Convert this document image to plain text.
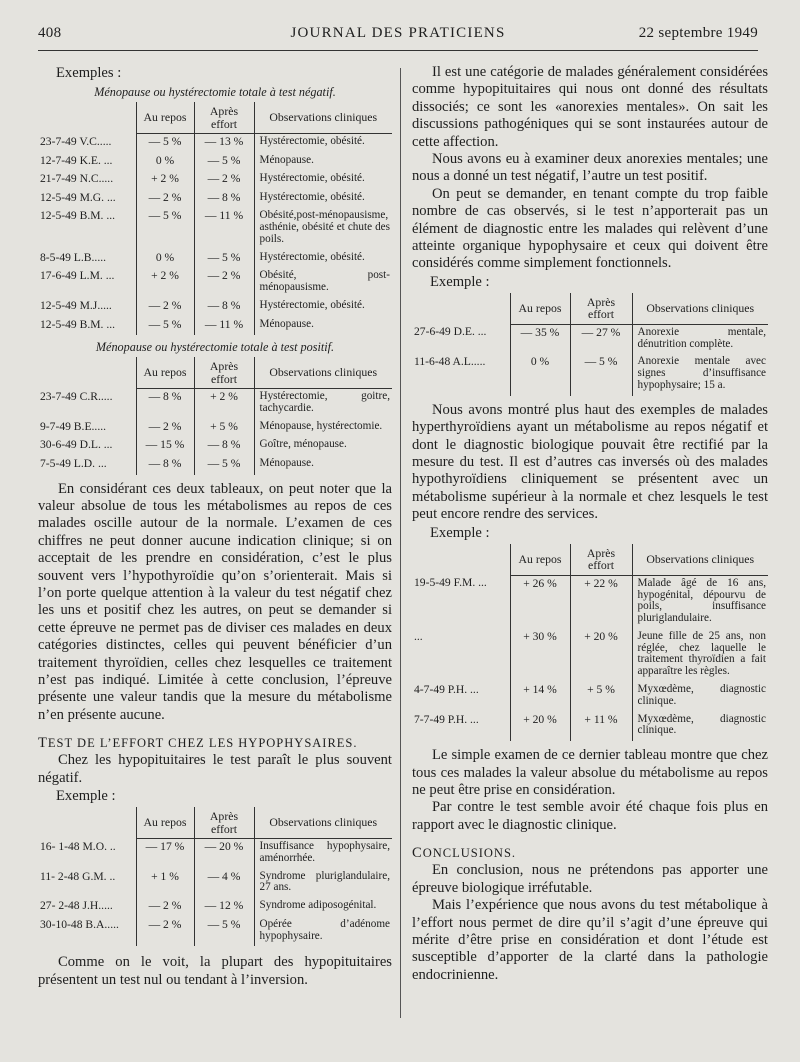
JOURNAL DES PRATICIENS
408	22 septembre 1949
Exemples :
Ménopause ou hystérectomie totale à test négatif.
	Au repos	Après effort	Observations cliniques
23-7-49 V.C.....	— 5 %	— 13 %	Hystérectomie, obésité.
12-7-49 K.E. ...	0 %	— 5 %	Ménopause.
21-7-49 N.C.....	+ 2 %	— 2 %	Hystérectomie, obésité.
12-5-49 M.G. ...	— 2 %	— 8 %	Hystérectomie, obésité.
12-5-49 B.M. ...	— 5 %	— 11 %	Obésité,post-ménopausisme, asthénie, obésité et chute des poils.
8-5-49 L.B.....	0 %	— 5 %	Hystérectomie, obésité.
17-6-49 L.M. ...	+ 2 %	— 2 %	Obésité, post-ménopausisme.
12-5-49 M.J.....	— 2 %	— 8 %	Hystérectomie, obésité.
12-5-49 B.M. ...	— 5 %	— 11 %	Ménopause.
Ménopause ou hystérectomie totale à test positif.
	Au repos	Après effort	Observations cliniques
23-7-49 C.R.....	— 8 %	+ 2 %	Hystérectomie, goitre, tachycardie.
9-7-49 B.E.....	— 2 %	+ 5 %	Ménopause, hystérectomie.
30-6-49 D.L. ...	— 15 %	— 8 %	Goître, ménopause.
7-5-49 L.D. ...	— 8 %	— 5 %	Ménopause.
En considérant ces deux tableaux, on peut noter que la valeur absolue de tous les métabolismes au repos de ces malades oscille autour de la normale. L’examen de ces chiffres ne peut donner aucune indication clinique; si on acceptait de les prendre en considération, c’est le plus souvent vers l’hypothyroïdie qu’on s’orienterait. Mais si l’on porte quelque attention à la valeur du test négatif chez les uns et positif chez les autres, on peut se demander si cette épreuve ne permet pas de diviser ces malades en deux catégories distinctes, celles qui peuvent bénéficier d’un traitement thyroïdien, celles chez lesquelles ce traitement n’est pas indiqué. Limitée à cette conclusion, l’épreuve présente une valeur tandis que la mesure du métabolisme n’en présente aucune.
TEST DE L’EFFORT CHEZ LES HYPOPHYSAIRES.
Chez les hypopituitaires le test paraît le plus souvent négatif.
Exemple :
	Au repos	Après effort	Observations cliniques
16- 1-48 M.O. ..	— 17 %	— 20 %	Insuffisance hypophysaire, aménorrhée.
11- 2-48 G.M. ..	+ 1 %	— 4 %	Syndrome pluriglandulaire, 27 ans.
27- 2-48 J.H.....	— 2 %	— 12 %	Syndrome adiposogénital.
30-10-48 B.A.....	— 2 %	— 5 %	Opérée d’adénome hypophysaire.
Comme on le voit, la plupart des hypopituitaires présentent un test nul ou tendant à l’inversion.
Il est une catégorie de malades généralement considérées comme hypopituitaires qui nous ont donné des résultats dissociés; ce sont les «anorexies mentales». On sait les discussions pathogéniques qui se sont instaurées autour de cette affection.
Nous avons eu à examiner deux anorexies mentales; une nous a donné un test négatif, l’autre un test positif.
On peut se demander, en tenant compte du trop faible nombre de cas observés, si le test n’apporterait pas un élément de diagnostic entre les malades qui relèvent d’une atteinte organique hypophysaire et ceux qui doivent être considérés comme simplement fonctionnels.
Exemple :
	Au repos	Après effort	Observations cliniques
27-6-49 D.E. ...	— 35 %	— 27 %	Anorexie mentale, dénutrition complète.
11-6-48 A.L.....	0 %	— 5 %	Anorexie mentale avec signes d’insuffisance hypophysaire; 15 a.
Nous avons montré plus haut des exemples de malades hyperthyroïdiens ayant un métabolisme au repos négatif et dont le diagnostic biologique pouvait être rectifié par la mesure du test. Il est d’autres cas inversés où des malades hypothyroïdiens cliniquement se présentent avec un métabolisme supérieur à la normale et chez lesquels le test peut encore rendre des services.
Exemple :
	Au repos	Après effort	Observations cliniques
19-5-49 F.M. ...	+ 26 %	+ 22 %	Malade âgé de 16 ans, hypogénital, dépourvu de poils, insuffisance pluriglandulaire.
...	+ 30 %	+ 20 %	Jeune fille de 25 ans, non réglée, chez laquelle le traitement thyroïdien a fait apparaître les règles.
4-7-49 P.H. ...	+ 14 %	+ 5 %	Myxœdème, diagnostic clinique.
7-7-49 P.H. ...	+ 20 %	+ 11 %	Myxœdème, diagnostic clinique.
Le simple examen de ce dernier tableau montre que chez tous ces malades la valeur absolue du métabolisme au repos ne peut être prise en considération.
Par contre le test semble avoir été chaque fois plus en rapport avec le diagnostic clinique.
CONCLUSIONS.
En conclusion, nous ne prétendons pas apporter une épreuve biologique irréfutable.
Mais l’expérience que nous avons du test métabolique à l’effort nous permet de dire qu’il s’agit d’une épreuve qui mérite d’être prise en considération et dont l’étude est susceptible d’apporter de la clarté dans la pathologie endocrinienne.
